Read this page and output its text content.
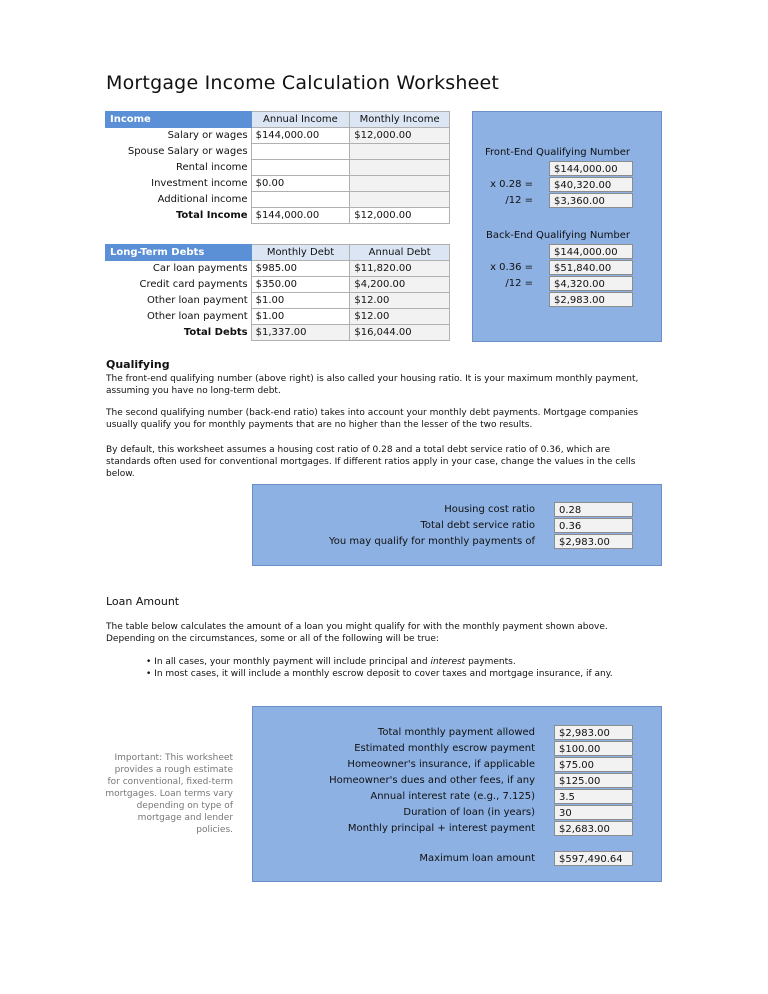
Mortgage Income Calculation Worksheet
Income	Annual Income	Monthly Income
Salary or wages	$144,000.00	$12,000.00
Spouse Salary or wages		
Rental income		
Investment income	$0.00	
Additional income		
Total Income	$144,000.00	$12,000.00
Long-Term Debts	Monthly Debt	Annual Debt
Car loan payments	$985.00	$11,820.00
Credit card payments	$350.00	$4,200.00
Other loan payment	$1.00	$12.00
Other loan payment	$1.00	$12.00
Total Debts	$1,337.00	$16,044.00
Front-End Qualifying Number
$144,000.00
x 0.28 =	$40,320.00
/12 =	$3,360.00
Back-End Qualifying Number
$144,000.00
x 0.36 =	$51,840.00
/12 =	$4,320.00
$2,983.00
Qualifying
The front-end qualifying number (above right) is also called your housing ratio. It is your maximum monthly payment, assuming you have no long-term debt.
The second qualifying number (back-end ratio) takes into account your monthly debt payments. Mortgage companies usually qualify you for monthly payments that are no higher than the lesser of the two results.
By default, this worksheet assumes a housing cost ratio of 0.28 and a total debt service ratio of 0.36, which are standards often used for conventional mortgages. If different ratios apply in your case, change the values in the cells below.
Housing cost ratio	0.28
Total debt service ratio	0.36
You may qualify for monthly payments of	$2,983.00
Loan Amount
The table below calculates the amount of a loan you might qualify for with the monthly payment shown above. Depending on the circumstances, some or all of the following will be true:
• In all cases, your monthly payment will include principal and interest payments.
• In most cases, it will include a monthly escrow deposit to cover taxes and mortgage insurance, if any.
Important: This worksheet provides a rough estimate for conventional, fixed-term mortgages. Loan terms vary depending on type of mortgage and lender policies.
Total monthly payment allowed	$2,983.00
Estimated monthly escrow payment	$100.00
Homeowner's insurance, if applicable	$75.00
Homeowner's dues and other fees, if any	$125.00
Annual interest rate (e.g., 7.125)	3.5
Duration of loan (in years)	30
Monthly principal + interest payment	$2,683.00
Maximum loan amount	$597,490.64
